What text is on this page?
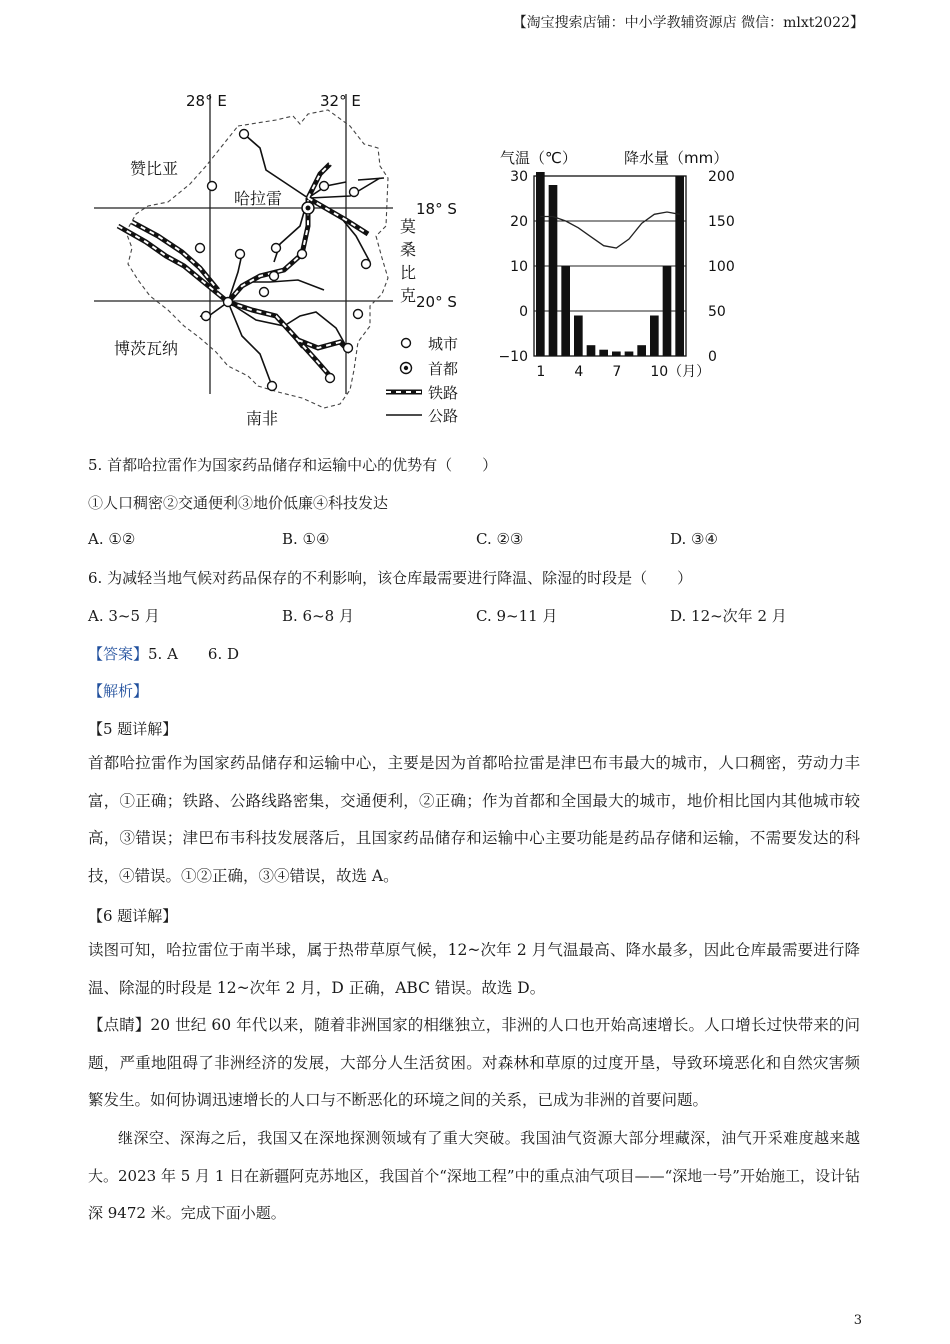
【淘宝搜索店铺：中小学教辅资源店 微信：mlxt2022】
28° E	32° E
18° S
20° S
赞比亚
哈拉雷
莫
桑
比
克
博茨瓦纳
南非
城市
首都
铁路
公路
气温（℃）	降水量（mm）
30
20
10
0
−10
200
150
100
50
0
1 4 7 10（月）
5. 首都哈拉雷作为国家药品储存和运输中心的优势有（　　）
①人口稠密②交通便利③地价低廉④科技发达
A. ①②	B. ①④	C. ②③	D. ③④
6. 为减轻当地气候对药品保存的不利影响，该仓库最需要进行降温、除湿的时段是（　　）
A. 3~5 月	B. 6~8 月	C. 9~11 月	D. 12~次年 2 月
【答案】5. A　　6. D
【解析】
【5 题详解】
首都哈拉雷作为国家药品储存和运输中心，主要是因为首都哈拉雷是津巴布韦最大的城市，人口稠密，劳动力丰富，①正确；铁路、公路线路密集，交通便利，②正确；作为首都和全国最大的城市，地价相比国内其他城市较高，③错误；津巴布韦科技发展落后，且国家药品储存和运输中心主要功能是药品存储和运输，不需要发达的科技，④错误。①②正确，③④错误，故选 A。
【6 题详解】
读图可知，哈拉雷位于南半球，属于热带草原气候，12~次年 2 月气温最高、降水最多，因此仓库最需要进行降温、除湿的时段是 12~次年 2 月，D 正确，ABC 错误。故选 D。
【点睛】20 世纪 60 年代以来，随着非洲国家的相继独立，非洲的人口也开始高速增长。人口增长过快带来的问题，严重地阻碍了非洲经济的发展，大部分人生活贫困。对森林和草原的过度开垦，导致环境恶化和自然灾害频繁发生。如何协调迅速增长的人口与不断恶化的环境之间的关系，已成为非洲的首要问题。
继深空、深海之后，我国又在深地探测领域有了重大突破。我国油气资源大部分埋藏深，油气开采难度越来越大。2023 年 5 月 1 日在新疆阿克苏地区，我国首个“深地工程”中的重点油气项目——“深地一号”开始施工，设计钻深 9472 米。完成下面小题。
3
